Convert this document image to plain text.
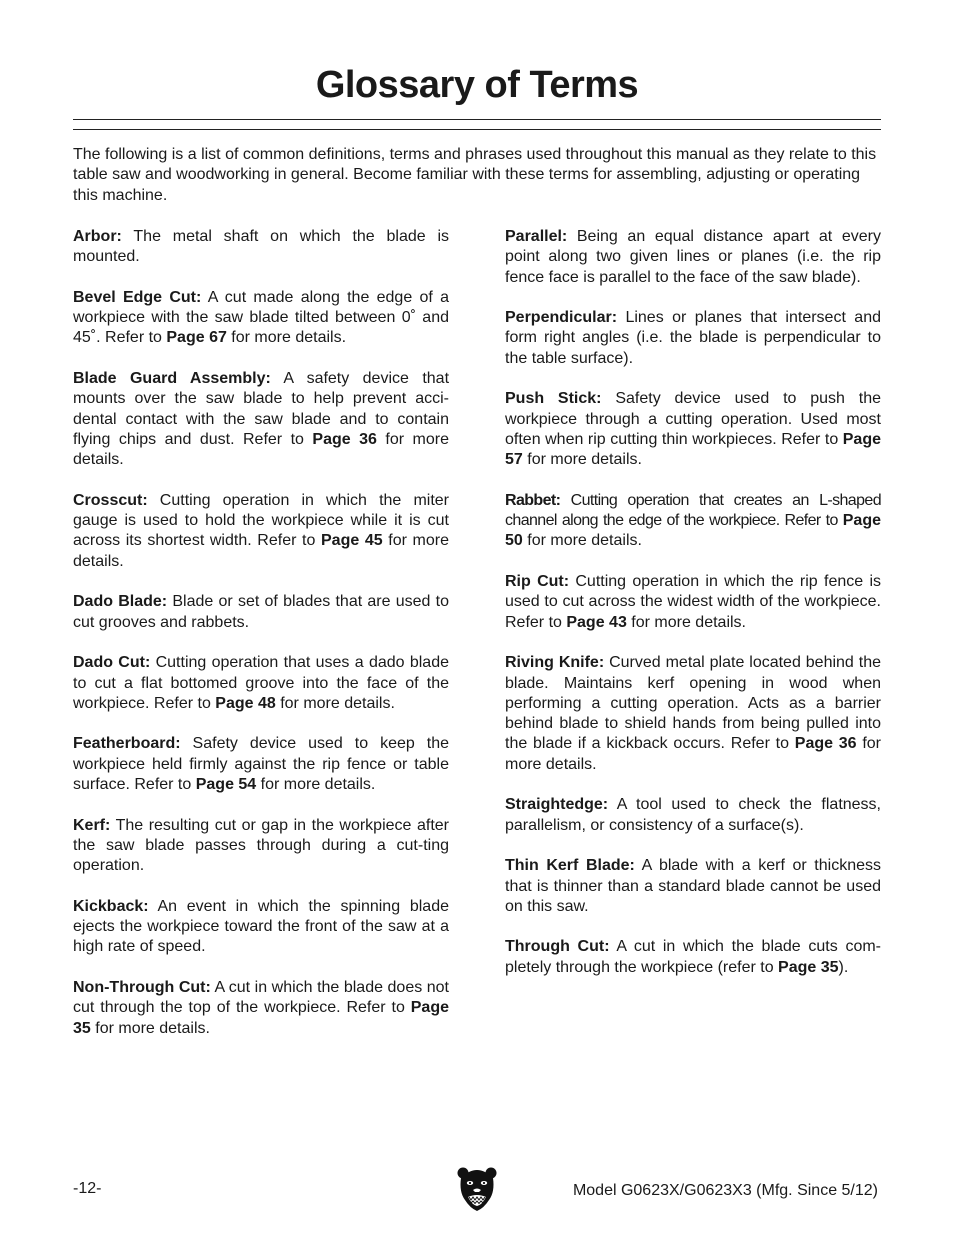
Glossary of Terms

The following is a list of common definitions, terms and phrases used throughout this manual as they relate to this table saw and woodworking in general. Become familiar with these terms for assembling, adjusting or operating this machine.

Arbor: The metal shaft on which the blade is mounted.

Bevel Edge Cut: A cut made along the edge of a workpiece with the saw blade tilted between 0˚ and 45˚. Refer to Page 67 for more details.

Blade Guard Assembly: A safety device that mounts over the saw blade to help prevent acci-dental contact with the saw blade and to contain flying chips and dust. Refer to Page 36 for more details.

Crosscut: Cutting operation in which the miter gauge is used to hold the workpiece while it is cut across its shortest width. Refer to Page 45 for more details.

Dado Blade: Blade or set of blades that are used to cut grooves and rabbets.

Dado Cut: Cutting operation that uses a dado blade to cut a flat bottomed groove into the face of the workpiece. Refer to Page 48 for more details.

Featherboard: Safety device used to keep the workpiece held firmly against the rip fence or table surface. Refer to Page 54 for more details.

Kerf: The resulting cut or gap in the workpiece after the saw blade passes through during a cut-ting operation.

Kickback: An event in which the spinning blade ejects the workpiece toward the front of the saw at a high rate of speed.

Non-Through Cut: A cut in which the blade does not cut through the top of the workpiece. Refer to Page 35 for more details.

Parallel: Being an equal distance apart at every point along two given lines or planes (i.e. the rip fence face is parallel to the face of the saw blade).

Perpendicular: Lines or planes that intersect and form right angles (i.e. the blade is perpendicular to the table surface).

Push Stick: Safety device used to push the workpiece through a cutting operation. Used most often when rip cutting thin workpieces. Refer to Page 57 for more details.

Rabbet: Cutting operation that creates an L-shaped channel along the edge of the workpiece. Refer to Page 50 for more details.

Rip Cut: Cutting operation in which the rip fence is used to cut across the widest width of the workpiece. Refer to Page 43 for more details.

Riving Knife: Curved metal plate located behind the blade. Maintains kerf opening in wood when performing a cutting operation. Acts as a barrier behind blade to shield hands from being pulled into the blade if a kickback occurs. Refer to Page 36 for more details.

Straightedge: A tool used to check the flatness, parallelism, or consistency of a surface(s).

Thin Kerf Blade: A blade with a kerf or thickness that is thinner than a standard blade cannot be used on this saw.

Through Cut: A cut in which the blade cuts com-pletely through the workpiece (refer to Page 35).

-12-	Model G0623X/G0623X3 (Mfg. Since 5/12)
